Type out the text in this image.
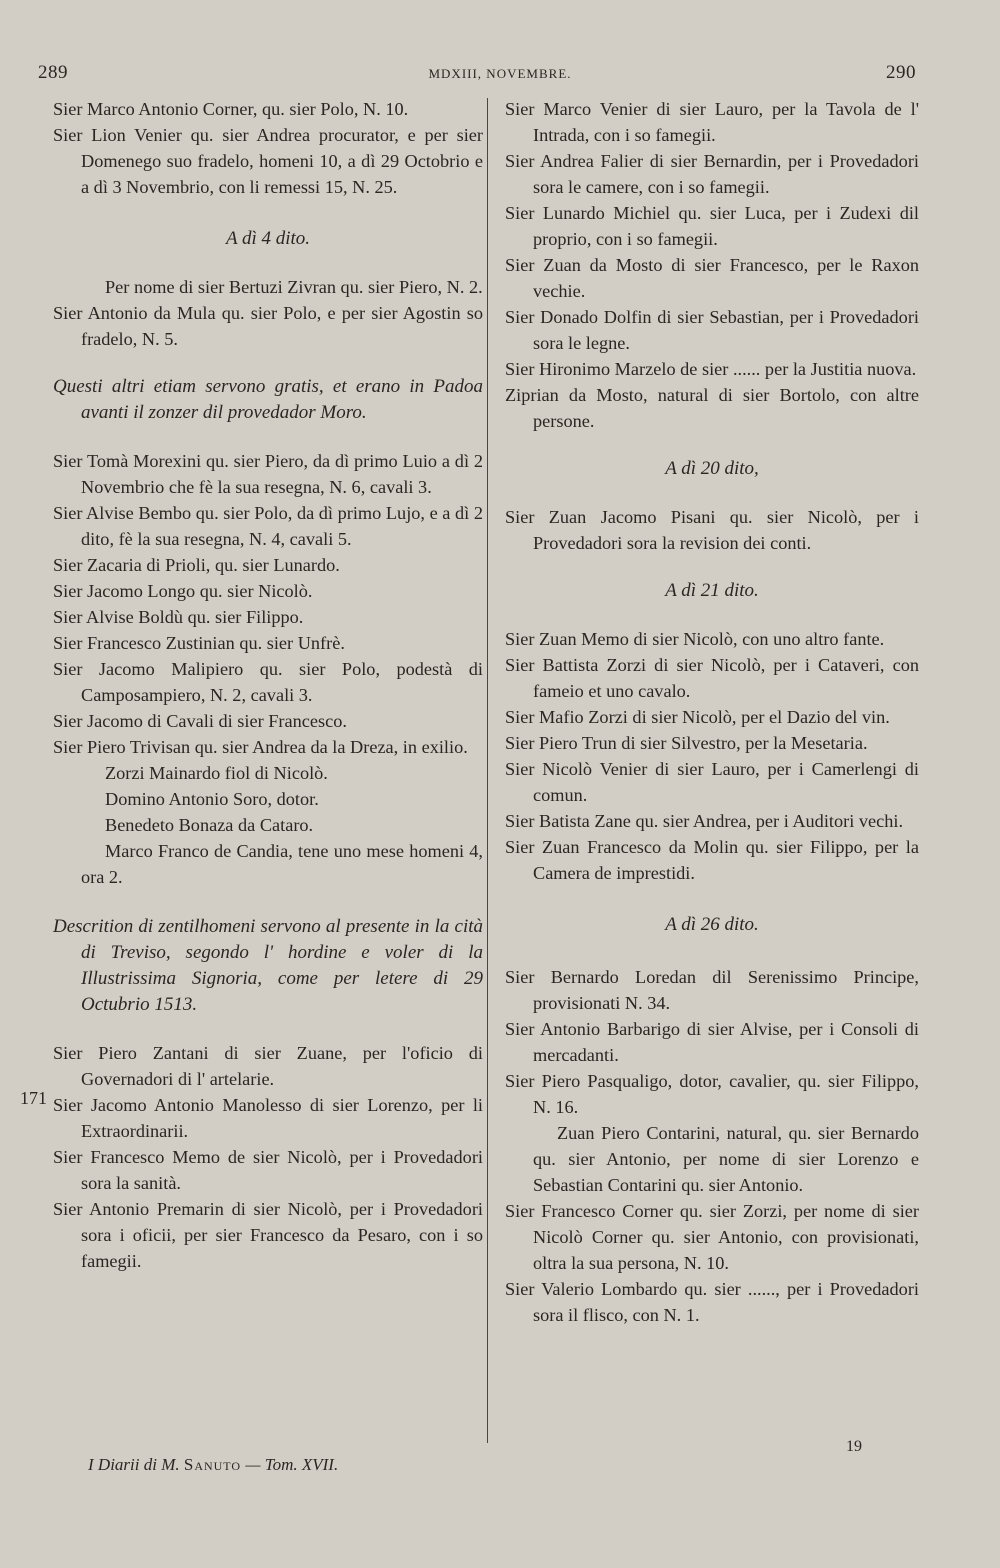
289	MDXIII, NOVEMBRE.	290

Sier Marco Antonio Corner, qu. sier Polo, N. 10.

Sier Lion Venier qu. sier Andrea procurator, e per sier Domenego suo fradelo, homeni 10, a dì 29 Octobrio e a dì 3 Novembrio, con li remessi 15, N. 25.

A dì 4 dito.

Per nome di sier Bertuzi Zivran qu. sier Piero, N. 2.

Sier Antonio da Mula qu. sier Polo, e per sier Agostin so fradelo, N. 5.

Questi altri etiam servono gratis, et erano in Padoa avanti il zonzer dil provedador Moro.

Sier Tomà Morexini qu. sier Piero, da dì primo Luio a dì 2 Novembrio che fè la sua resegna, N. 6, cavali 3.

Sier Alvise Bembo qu. sier Polo, da dì primo Lujo, e a dì 2 dito, fè la sua resegna, N. 4, cavali 5.

Sier Zacaria di Prioli, qu. sier Lunardo.

Sier Jacomo Longo qu. sier Nicolò.

Sier Alvise Boldù qu. sier Filippo.

Sier Francesco Zustinian qu. sier Unfrè.

Sier Jacomo Malipiero qu. sier Polo, podestà di Camposampiero, N. 2, cavali 3.

Sier Jacomo di Cavali di sier Francesco.

Sier Piero Trivisan qu. sier Andrea da la Dreza, in exilio.

Zorzi Mainardo fiol di Nicolò.

Domino Antonio Soro, dotor.

Benedeto Bonaza da Cataro.

Marco Franco de Candia, tene uno mese homeni 4, ora 2.

Descrition di zentilhomeni servono al presente in la cità di Treviso, segondo l' hordine e voler di la Illustrissima Signoria, come per letere di 29 Octubrio 1513.

Sier Piero Zantani di sier Zuane, per l'oficio di Governadori di l' artelarie.

Sier Jacomo Antonio Manolesso di sier Lorenzo, per li Extraordinarii.

Sier Francesco Memo de sier Nicolò, per i Provedadori sora la sanità.

Sier Antonio Premarin di sier Nicolò, per i Provedadori sora i oficii, per sier Francesco da Pesaro, con i so famegii.

171

Sier Marco Venier di sier Lauro, per la Tavola de l' Intrada, con i so famegii.

Sier Andrea Falier di sier Bernardin, per i Provedadori sora le camere, con i so famegii.

Sier Lunardo Michiel qu. sier Luca, per i Zudexi dil proprio, con i so famegii.

Sier Zuan da Mosto di sier Francesco, per le Raxon vechie.

Sier Donado Dolfin di sier Sebastian, per i Provedadori sora le legne.

Sier Hironimo Marzelo de sier ...... per la Justitia nuova.

Ziprian da Mosto, natural di sier Bortolo, con altre persone.

A dì 20 dito,

Sier Zuan Jacomo Pisani qu. sier Nicolò, per i Provedadori sora la revision dei conti.

A dì 21 dito.

Sier Zuan Memo di sier Nicolò, con uno altro fante.

Sier Battista Zorzi di sier Nicolò, per i Cataveri, con fameio et uno cavalo.

Sier Mafio Zorzi di sier Nicolò, per el Dazio del vin.

Sier Piero Trun di sier Silvestro, per la Mesetaria.

Sier Nicolò Venier di sier Lauro, per i Camerlengi di comun.

Sier Batista Zane qu. sier Andrea, per i Auditori vechi.

Sier Zuan Francesco da Molin qu. sier Filippo, per la Camera de imprestidi.

A dì 26 dito.

Sier Bernardo Loredan dil Serenissimo Principe, provisionati N. 34.

Sier Antonio Barbarigo di sier Alvise, per i Consoli di mercadanti.

Sier Piero Pasqualigo, dotor, cavalier, qu. sier Filippo, N. 16.

Zuan Piero Contarini, natural, qu. sier Bernardo qu. sier Antonio, per nome di sier Lorenzo e Sebastian Contarini qu. sier Antonio.

Sier Francesco Corner qu. sier Zorzi, per nome di sier Nicolò Corner qu. sier Antonio, con provisionati, oltra la sua persona, N. 10.

Sier Valerio Lombardo qu. sier ......, per i Provedadori sora il flisco, con N. 1.

19
I Diarii di M. Sanuto — Tom. XVII.
